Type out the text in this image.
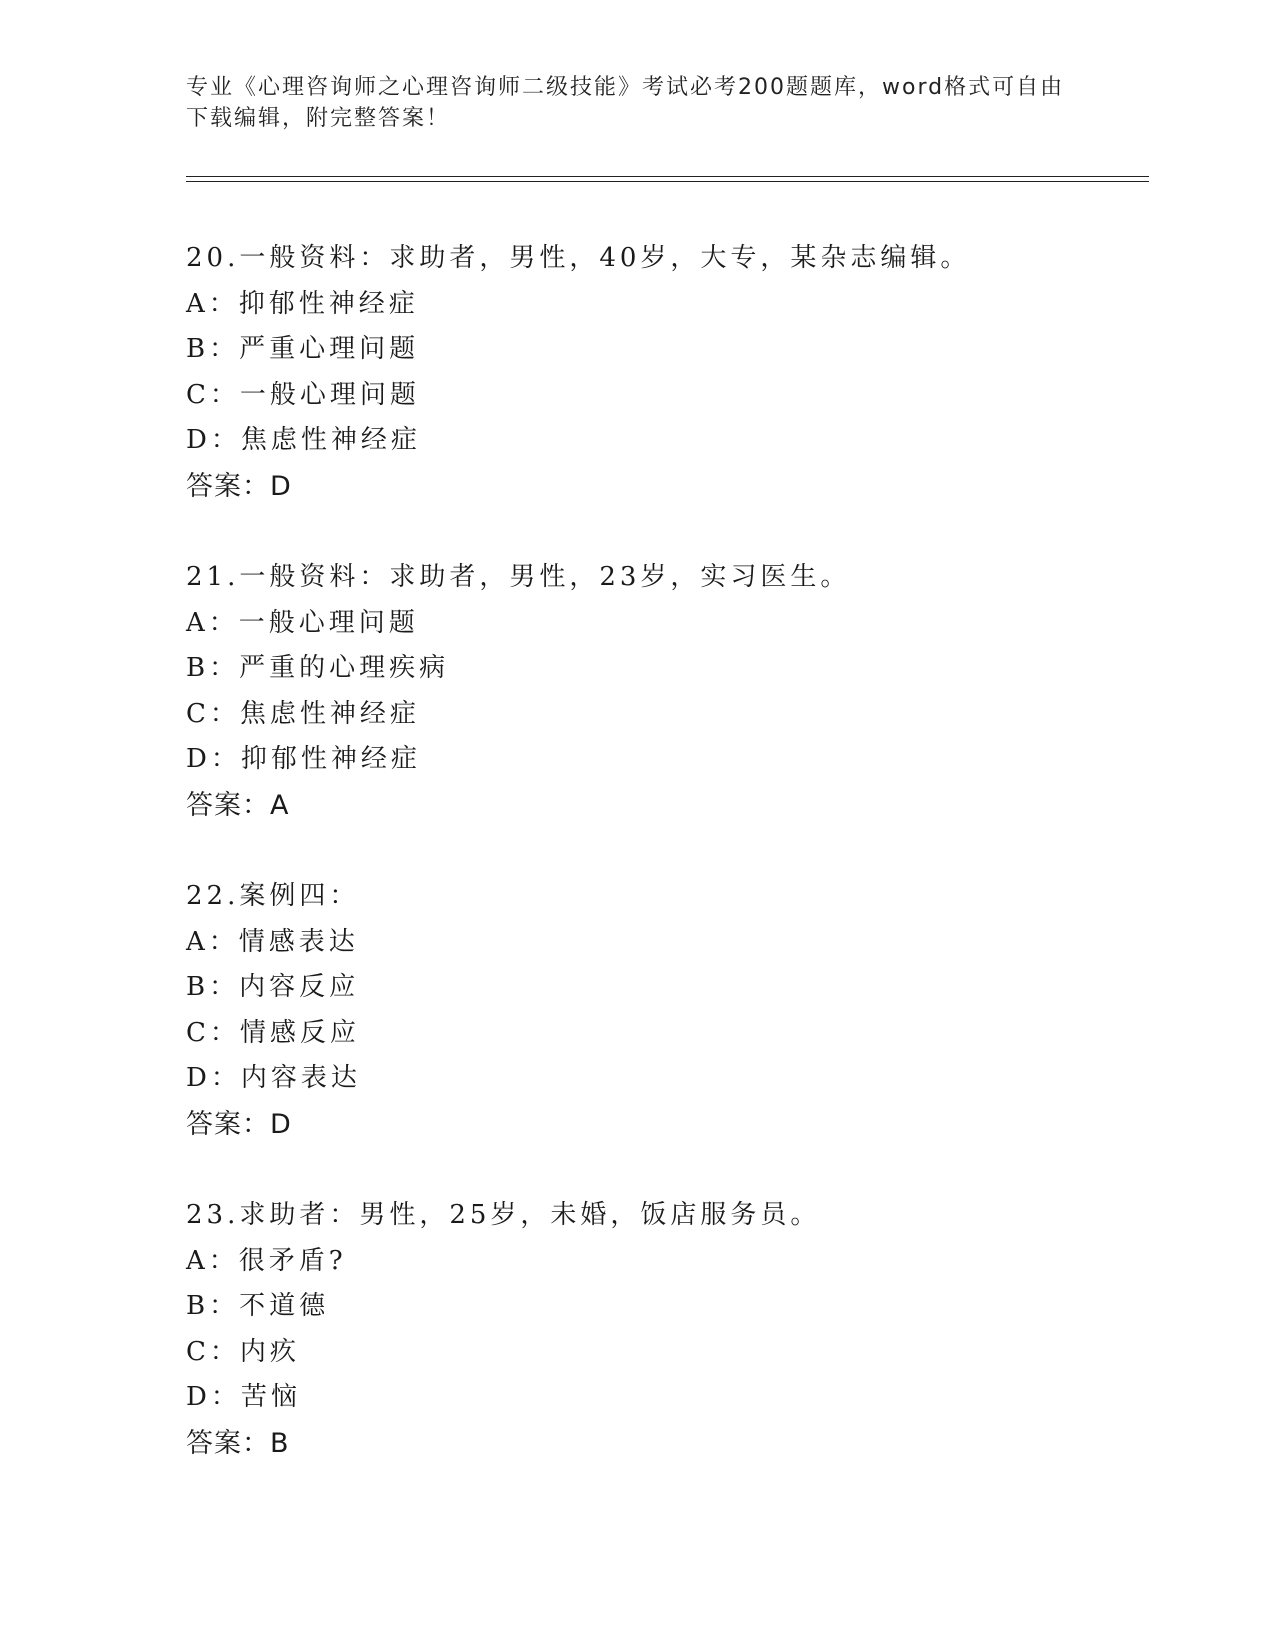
专业《心理咨询师之心理咨询师二级技能》考试必考200题题库，word格式可自由下载编辑，附完整答案！
20.一般资料：求助者，男性，40岁，大专，某杂志编辑。
A：抑郁性神经症
B：严重心理问题
C：一般心理问题
D：焦虑性神经症
答案：D
21.一般资料：求助者，男性，23岁，实习医生。
A：一般心理问题
B：严重的心理疾病
C：焦虑性神经症
D：抑郁性神经症
答案：A
22.案例四：
A：情感表达
B：内容反应
C：情感反应
D：内容表达
答案：D
23.求助者：男性，25岁，未婚，饭店服务员。
A：很矛盾?
B：不道德
C：内疚
D：苦恼
答案：B
